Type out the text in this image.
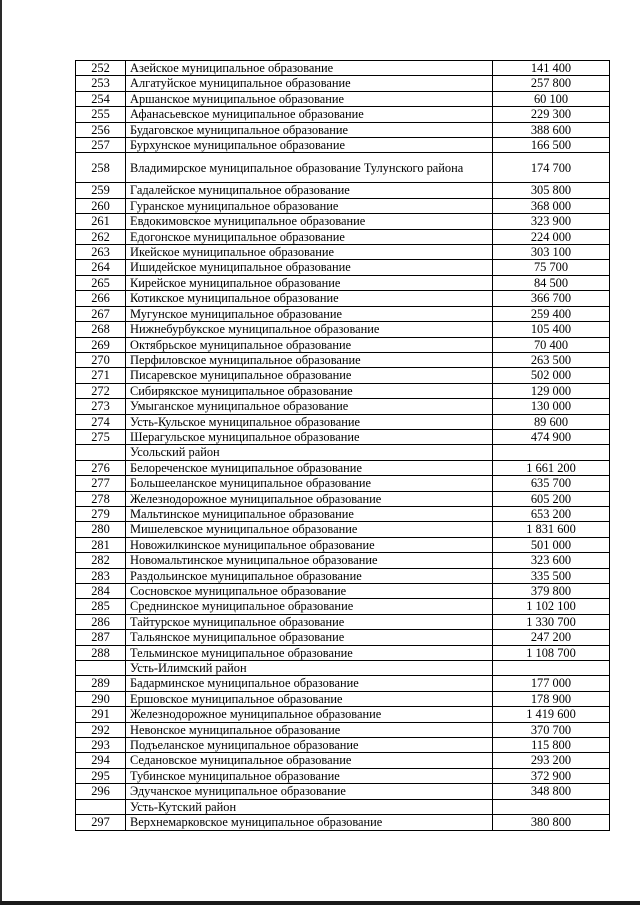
252	Азейское муниципальное образование	141 400
253	Алгатуйское муниципальное образование	257 800
254	Аршанское муниципальное образование	60 100
255	Афанасьевское муниципальное образование	229 300
256	Будаговское муниципальное образование	388 600
257	Бурхунское муниципальное образование	166 500
258	Владимирское муниципальное образование Тулунского района	174 700
259	Гадалейское муниципальное образование	305 800
260	Гуранское муниципальное образование	368 000
261	Евдокимовское муниципальное образование	323 900
262	Едогонское муниципальное образование	224 000
263	Икейское муниципальное образование	303 100
264	Ишидейское муниципальное образование	75 700
265	Кирейское муниципальное образование	84 500
266	Котикское муниципальное образование	366 700
267	Мугунское муниципальное образование	259 400
268	Нижнебурбукское муниципальное образование	105 400
269	Октябрьское муниципальное образование	70 400
270	Перфиловское муниципальное образование	263 500
271	Писаревское муниципальное образование	502 000
272	Сибирякское муниципальное образование	129 000
273	Умыганское муниципальное образование	130 000
274	Усть-Кульское муниципальное образование	89 600
275	Шерагульское муниципальное образование	474 900
	Усольский район	
276	Белореченское муниципальное образование	1 661 200
277	Большееланское муниципальное образование	635 700
278	Железнодорожное муниципальное образование	605 200
279	Мальтинское муниципальное образование	653 200
280	Мишелевское муниципальное образование	1 831 600
281	Новожилкинское муниципальное образование	501 000
282	Новомальтинское муниципальное образование	323 600
283	Раздольинское муниципальное образование	335 500
284	Сосновское муниципальное образование	379 800
285	Среднинское муниципальное образование	1 102 100
286	Тайтурское муниципальное образование	1 330 700
287	Тальянское муниципальное образование	247 200
288	Тельминское муниципальное образование	1 108 700
	Усть-Илимский район	
289	Бадарминское муниципальное образование	177 000
290	Ершовское муниципальное образование	178 900
291	Железнодорожное муниципальное образование	1 419 600
292	Невонское муниципальное образование	370 700
293	Подъеланское муниципальное образование	115 800
294	Седановское муниципальное образование	293 200
295	Тубинское муниципальное образование	372 900
296	Эдучанское муниципальное образование	348 800
	Усть-Кутский район	
297	Верхнемарковское муниципальное образование	380 800
